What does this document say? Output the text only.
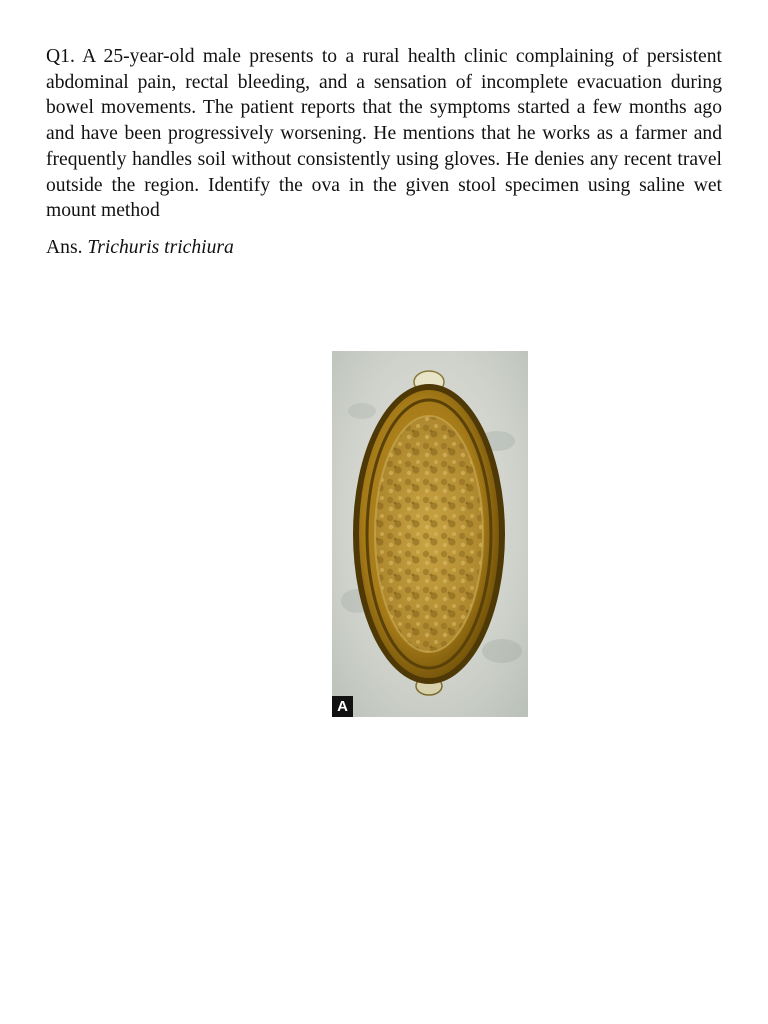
Q1. A 25-year-old male presents to a rural health clinic complaining of persistent abdominal pain, rectal bleeding, and a sensation of incomplete evacuation during bowel movements. The patient reports that the symptoms started a few months ago and have been progressively worsening. He mentions that he works as a farmer and frequently handles soil without consistently using gloves. He denies any recent travel outside the region. Identify the ova in the given stool specimen using saline wet mount method

Ans. Trichuris trichiura

A
